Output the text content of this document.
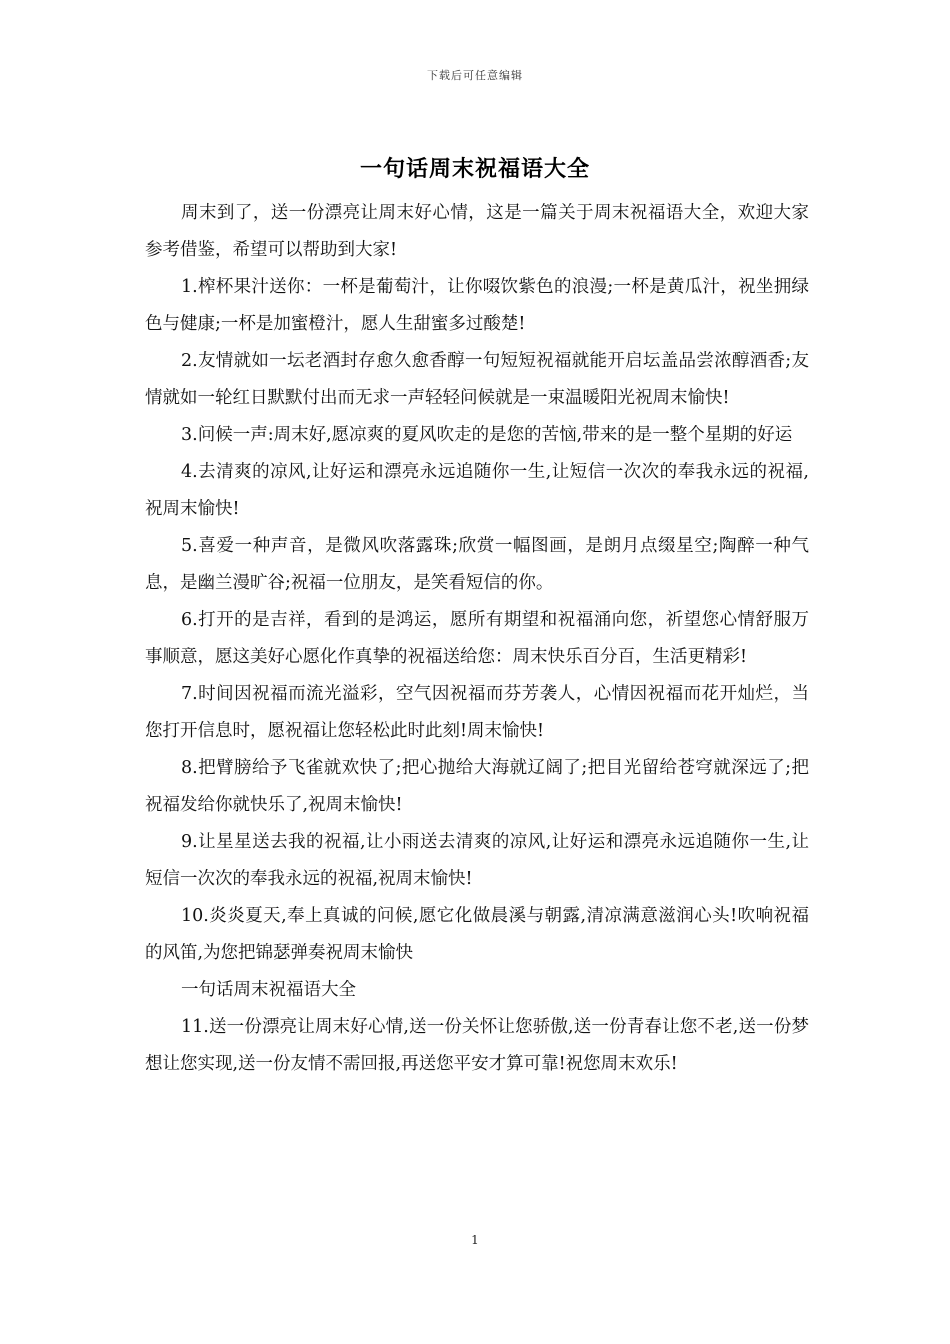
下载后可任意编辑
一句话周末祝福语大全

周末到了，送一份漂亮让周末好心情，这是一篇关于周末祝福语大全，欢迎大家参考借鉴，希望可以帮助到大家!

1.榨杯果汁送你：一杯是葡萄汁，让你啜饮紫色的浪漫;一杯是黄瓜汁，祝坐拥绿色与健康;一杯是加蜜橙汁，愿人生甜蜜多过酸楚!

2.友情就如一坛老酒封存愈久愈香醇一句短短祝福就能开启坛盖品尝浓醇酒香;友情就如一轮红日默默付出而无求一声轻轻问候就是一束温暖阳光祝周末愉快!

3.问候一声:周末好,愿凉爽的夏风吹走的是您的苦恼,带来的是一整个星期的好运

4.去清爽的凉风,让好运和漂亮永远追随你一生,让短信一次次的奉我永远的祝福,祝周末愉快!

5.喜爱一种声音，是微风吹落露珠;欣赏一幅图画，是朗月点缀星空;陶醉一种气息，是幽兰漫旷谷;祝福一位朋友，是笑看短信的你。

6.打开的是吉祥，看到的是鸿运，愿所有期望和祝福涌向您，祈望您心情舒服万事顺意，愿这美好心愿化作真挚的祝福送给您：周末快乐百分百，生活更精彩!

7.时间因祝福而流光溢彩，空气因祝福而芬芳袭人，心情因祝福而花开灿烂，当您打开信息时，愿祝福让您轻松此时此刻!周末愉快!

8.把臂膀给予飞雀就欢快了;把心抛给大海就辽阔了;把目光留给苍穹就深远了;把祝福发给你就快乐了,祝周末愉快!

9.让星星送去我的祝福,让小雨送去清爽的凉风,让好运和漂亮永远追随你一生,让短信一次次的奉我永远的祝福,祝周末愉快!

10.炎炎夏天,奉上真诚的问候,愿它化做晨溪与朝露,清凉满意滋润心头!吹响祝福的风笛,为您把锦瑟弹奏祝周末愉快

一句话周末祝福语大全

11.送一份漂亮让周末好心情,送一份关怀让您骄傲,送一份青春让您不老,送一份梦想让您实现,送一份友情不需回报,再送您平安才算可靠!祝您周末欢乐!

1
